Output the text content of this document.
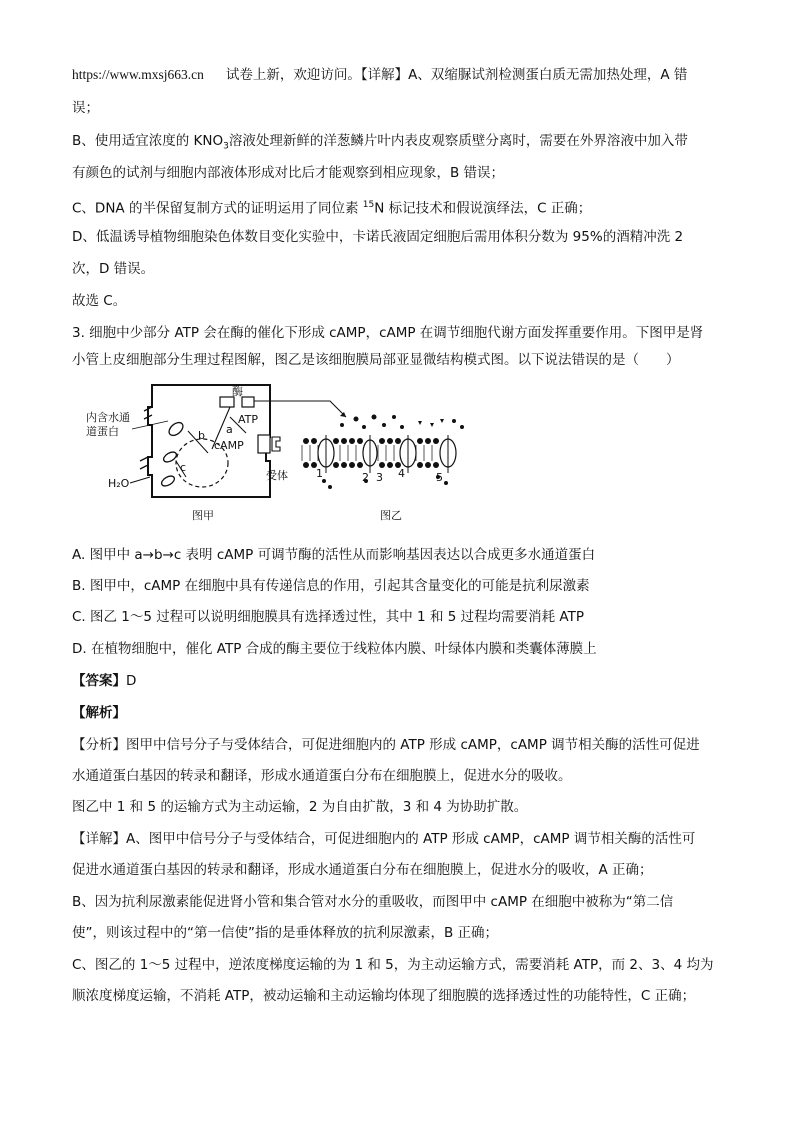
https://www.mxsj663.cn 试卷上新，欢迎访问。【详解】A、双缩脲试剂检测蛋白质无需加热处理，A 错
误；
B、使用适宜浓度的 $KNO_3$溶液处理新鲜的洋葱鳞片叶内表皮观察质壁分离时，需要在外界溶液中加入带
有颜色的试剂与细胞内部液体形成对比后才能观察到相应现象，B 错误；
C、DNA 的半保留复制方式的证明运用了同位素 $^{15}$N 标记技术和假说演绎法，C 正确；
D、低温诱导植物细胞染色体数目变化实验中，卡诺氏液固定细胞后需用体积分数为 95%的酒精冲洗 2
次，D 错误。
故选 C。
3. 细胞中少部分 ATP 会在酶的催化下形成 cAMP，cAMP 在调节细胞代谢方面发挥重要作用。下图甲是肾
小管上皮细胞部分生理过程图解，图乙是该细胞膜局部亚显微结构模式图。以下说法错误的是（　　）
内含水通
道蛋白
H₂O
酶
ATP
a
b
c
cAMP
受体
图甲
1	2 3 4	5
图乙
A. 图甲中 a→b→c 表明 cAMP 可调节酶的活性从而影响基因表达以合成更多水通道蛋白
B. 图甲中，cAMP 在细胞中具有传递信息的作用，引起其含量变化的可能是抗利尿激素
C. 图乙 1～5 过程可以说明细胞膜具有选择透过性，其中 1 和 5 过程均需要消耗 ATP
D. 在植物细胞中，催化 ATP 合成的酶主要位于线粒体内膜、叶绿体内膜和类囊体薄膜上
【答案】D
【解析】
【分析】图甲中信号分子与受体结合，可促进细胞内的 ATP 形成 cAMP，cAMP 调节相关酶的活性可促进
水通道蛋白基因的转录和翻译，形成水通道蛋白分布在细胞膜上，促进水分的吸收。
图乙中 1 和 5 的运输方式为主动运输，2 为自由扩散，3 和 4 为协助扩散。
【详解】A、图甲中信号分子与受体结合，可促进细胞内的 ATP 形成 cAMP，cAMP 调节相关酶的活性可
促进水通道蛋白基因的转录和翻译，形成水通道蛋白分布在细胞膜上，促进水分的吸收，A 正确；
B、因为抗利尿激素能促进肾小管和集合管对水分的重吸收，而图甲中 cAMP 在细胞中被称为“第二信
使”，则该过程中的“第一信使”指的是垂体释放的抗利尿激素，B 正确；
C、图乙的 1～5 过程中，逆浓度梯度运输的为 1 和 5，为主动运输方式，需要消耗 ATP，而 2、3、4 均为
顺浓度梯度运输，不消耗 ATP，被动运输和主动运输均体现了细胞膜的选择透过性的功能特性，C 正确；
